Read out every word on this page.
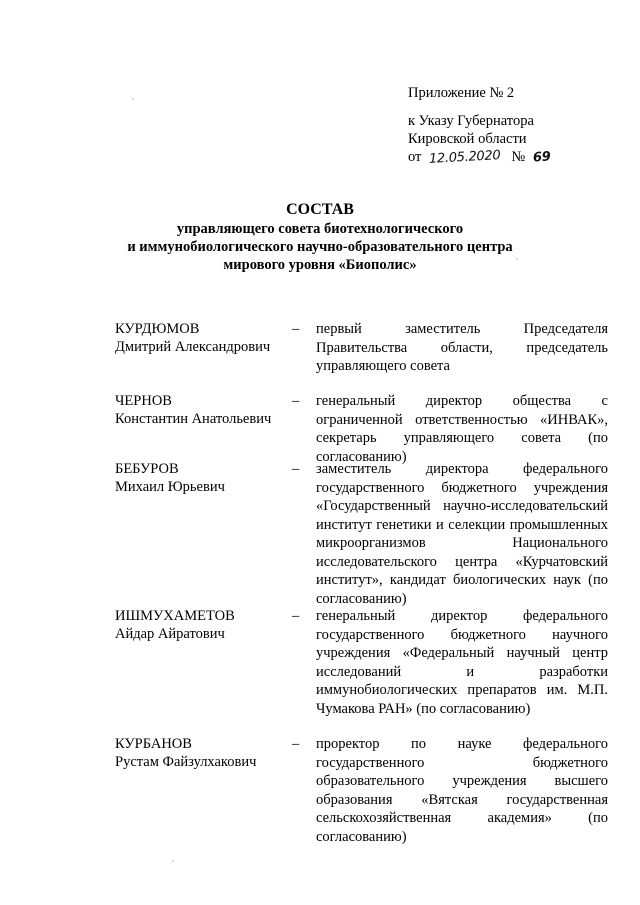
Приложение № 2
к Указу Губернатора
Кировской области
от 12.05.2020 № 69
СОСТАВ
управляющего совета биотехнологического
и иммунобиологического научно-образовательного центра
мирового уровня «Биополис»
КУРДЮМОВ
Дмитрий Александрович
– первый заместитель Председателя Правительства области, председатель управляющего совета
ЧЕРНОВ
Константин Анатольевич
– генеральный директор общества с ограниченной ответственностью «ИНВАК», секретарь управляющего совета (по согласованию)
БЕБУРОВ
Михаил Юрьевич
– заместитель директора федерального государственного бюджетного учреждения «Государственный научно-исследовательский институт генетики и селекции промышленных микроорганизмов Национального исследовательского центра «Курчатовский институт», кандидат биологических наук (по согласованию)
ИШМУХАМЕТОВ
Айдар Айратович
– генеральный директор федерального государственного бюджетного научного учреждения «Федеральный научный центр исследований и разработки иммунобиологических препаратов им. М.П. Чумакова РАН» (по согласованию)
КУРБАНОВ
Рустам Файзулхакович
– проректор по науке федерального государственного бюджетного образовательного учреждения высшего образования «Вятская государственная сельскохозяйственная академия» (по согласованию)
